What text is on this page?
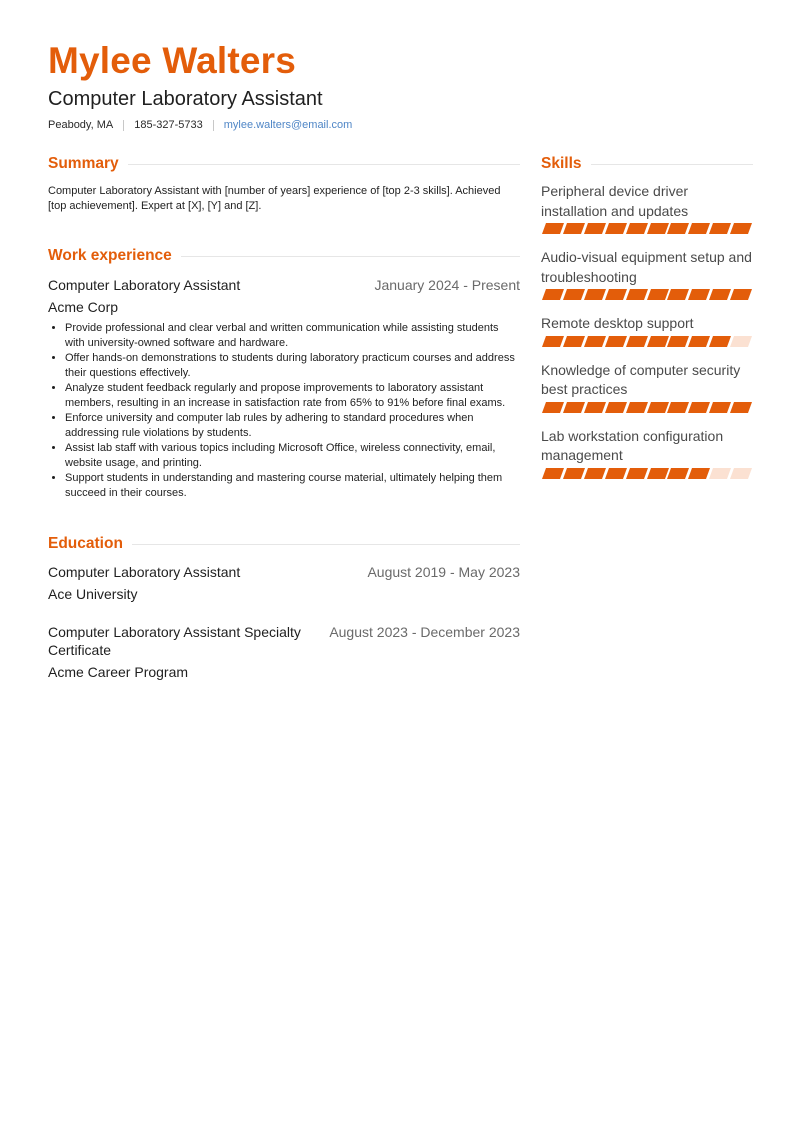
Mylee Walters
Computer Laboratory Assistant
Peabody, MA 185-327-5733 mylee.walters@email.com
Summary

Computer Laboratory Assistant with [number of years] experience of [top 2-3 skills]. Achieved [top achievement]. Expert at [X], [Y] and [Z].

Work experience
Computer Laboratory Assistant	January 2024 - Present
Acme Corp
• Provide professional and clear verbal and written communication while assisting students with university-owned software and hardware.
• Offer hands-on demonstrations to students during laboratory practicum courses and address their questions effectively.
• Analyze student feedback regularly and propose improvements to laboratory assistant members, resulting in an increase in satisfaction rate from 65% to 91% before final exams.
• Enforce university and computer lab rules by adhering to standard procedures when addressing rule violations by students.
• Assist lab staff with various topics including Microsoft Office, wireless connectivity, email, website usage, and printing.
• Support students in understanding and mastering course material, ultimately helping them succeed in their courses.
Education
Computer Laboratory Assistant	August 2019 - May 2023
Ace University
Computer Laboratory Assistant Specialty Certificate
August 2023 - December 2023
Acme Career Program
Skills
Peripheral device driver installation and updates
Audio-visual equipment setup and troubleshooting
Remote desktop support
Knowledge of computer security best practices
Lab workstation configuration management
